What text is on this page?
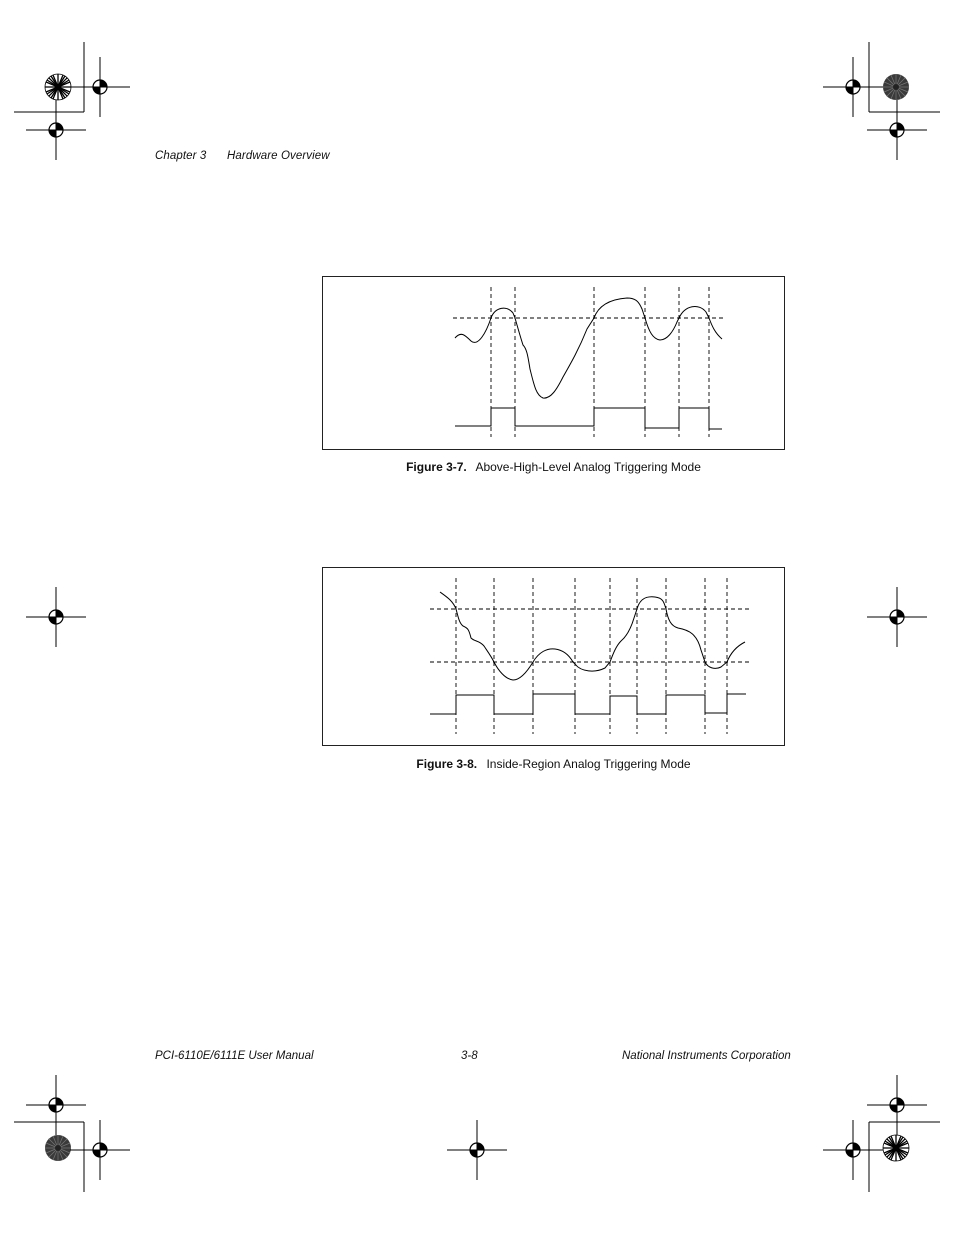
Chapter 3 Hardware Overview
Figure 3-7. Above-High-Level Analog Triggering Mode
Figure 3-8. Inside-Region Analog Triggering Mode
PCI-6110E/6111E User Manual	3-8	National Instruments Corporation
